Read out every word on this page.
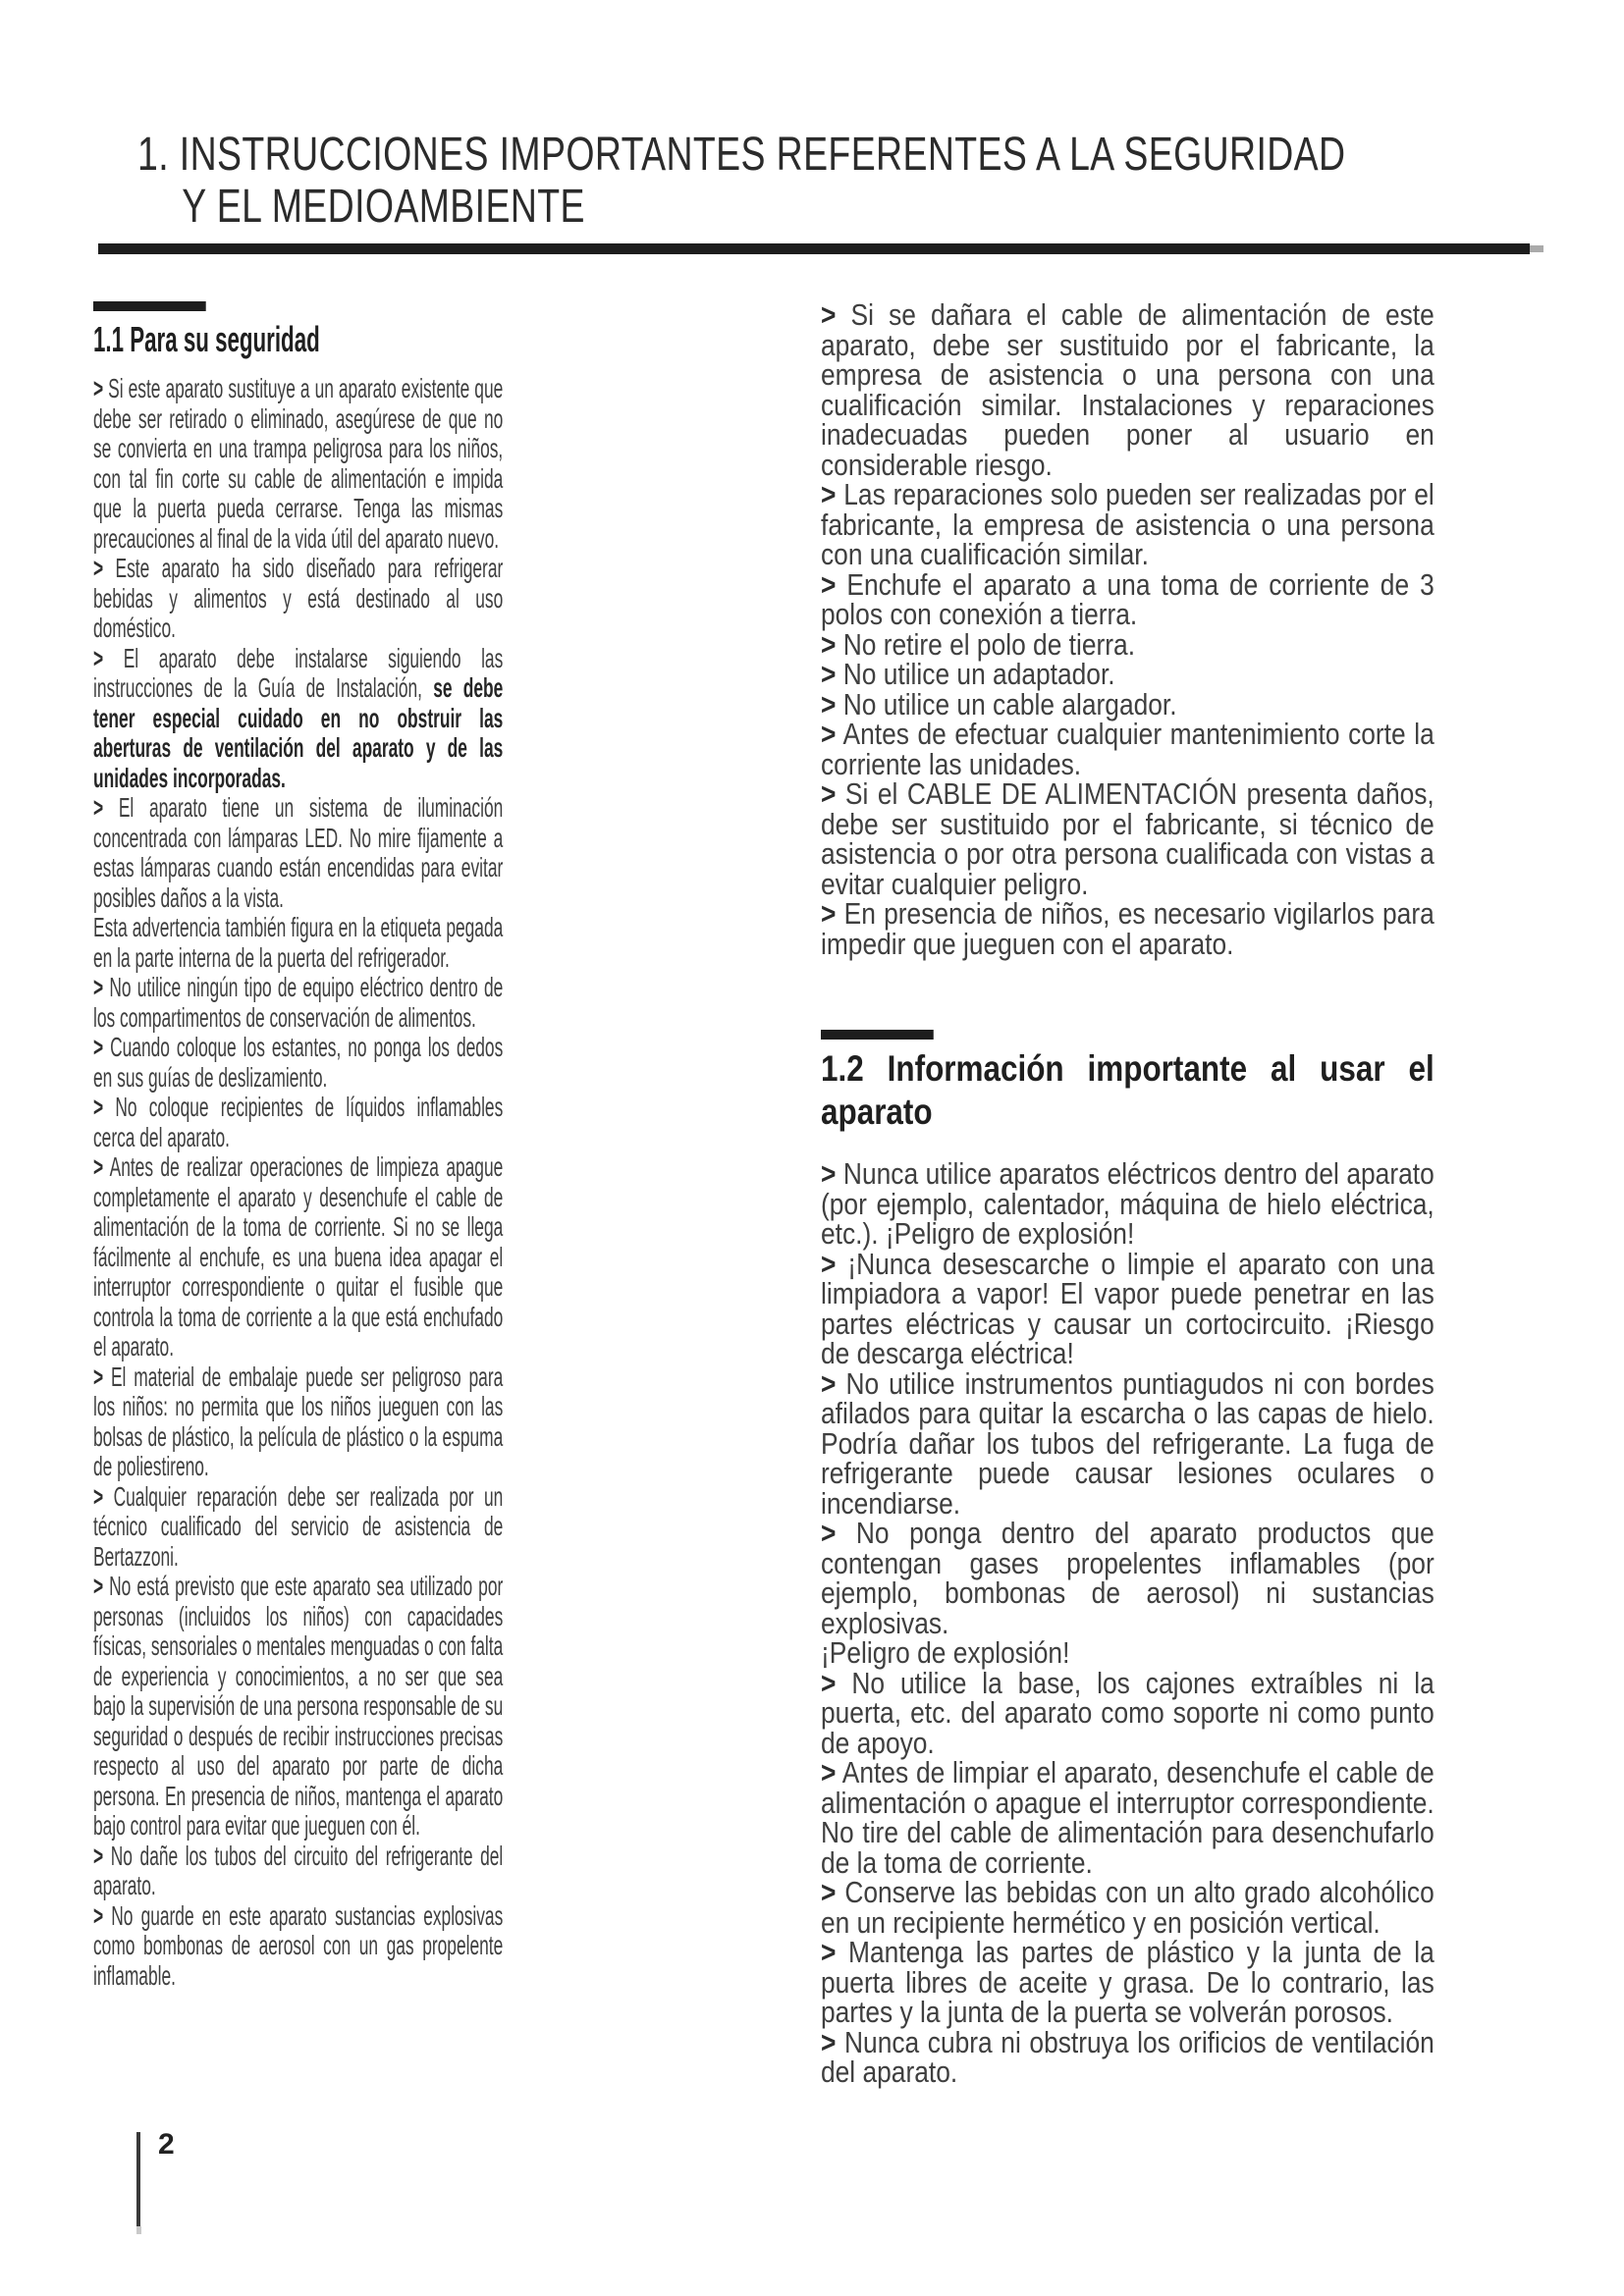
1. INSTRUCCIONES IMPORTANTES REFERENTES A LA SEGURIDAD
Y EL MEDIOAMBIENTE
1.1 Para su seguridad

> Si este aparato sustituye a un aparato existente que debe ser retirado o eliminado, asegúrese de que no se convierta en una trampa peligrosa para los niños, con tal fin corte su cable de alimentación e impida que la puerta pueda cerrarse. Tenga las mismas precauciones al final de la vida útil del aparato nuevo.

> Este aparato ha sido diseñado para refrigerar bebidas y alimentos y está destinado al uso doméstico.

> El aparato debe instalarse siguiendo las instrucciones de la Guía de Instalación, se debe tener especial cuidado en no obstruir las aberturas de ventilación del aparato y de las unidades incorporadas.

> El aparato tiene un sistema de iluminación concentrada con lámparas LED. No mire fijamente a estas lámparas cuando están encendidas para evitar posibles daños a la vista.

Esta advertencia también figura en la etiqueta pegada en la parte interna de la puerta del refrigerador.

> No utilice ningún tipo de equipo eléctrico dentro de los compartimentos de conservación de alimentos.

> Cuando coloque los estantes, no ponga los dedos en sus guías de deslizamiento.

> No coloque recipientes de líquidos inflamables cerca del aparato.

> Antes de realizar operaciones de limpieza apague completamente el aparato y desenchufe el cable de alimentación de la toma de corriente. Si no se llega fácilmente al enchufe, es una buena idea apagar el interruptor correspondiente o quitar el fusible que controla la toma de corriente a la que está enchufado el aparato.

> El material de embalaje puede ser peligroso para los niños: no permita que los niños jueguen con las bolsas de plástico, la película de plástico o la espuma de poliestireno.

> Cualquier reparación debe ser realizada por un técnico cualificado del servicio de asistencia de Bertazzoni.

> No está previsto que este aparato sea utilizado por personas (incluidos los niños) con capacidades físicas, sensoriales o mentales menguadas o con falta de experiencia y conocimientos, a no ser que sea bajo la supervisión de una persona responsable de su seguridad o después de recibir instrucciones precisas respecto al uso del aparato por parte de dicha persona. En presencia de niños, mantenga el aparato bajo control para evitar que jueguen con él.

> No dañe los tubos del circuito del refrigerante del aparato.

> No guarde en este aparato sustancias explosivas como bombonas de aerosol con un gas propelente inflamable.

> Si se dañara el cable de alimentación de este aparato, debe ser sustituido por el fabricante, la empresa de asistencia o una persona con una cualificación similar. Instalaciones y reparaciones inadecuadas pueden poner al usuario en considerable riesgo.

> Las reparaciones solo pueden ser realizadas por el fabricante, la empresa de asistencia o una persona con una cualificación similar.

> Enchufe el aparato a una toma de corriente de 3 polos con conexión a tierra.

> No retire el polo de tierra.

> No utilice un adaptador.

> No utilice un cable alargador.

> Antes de efectuar cualquier mantenimiento corte la corriente las unidades.

> Si el CABLE DE ALIMENTACIÓN presenta daños, debe ser sustituido por el fabricante, si técnico de asistencia o por otra persona cualificada con vistas a evitar cualquier peligro.

> En presencia de niños, es necesario vigilarlos para impedir que jueguen con el aparato.

1.2 Información importante al usar el
aparato

> Nunca utilice aparatos eléctricos dentro del aparato (por ejemplo, calentador, máquina de hielo eléctrica, etc.). ¡Peligro de explosión!

> ¡Nunca desescarche o limpie el aparato con una limpiadora a vapor! El vapor puede penetrar en las partes eléctricas y causar un cortocircuito. ¡Riesgo de descarga eléctrica!

> No utilice instrumentos puntiagudos ni con bordes afilados para quitar la escarcha o las capas de hielo. Podría dañar los tubos del refrigerante. La fuga de refrigerante puede causar lesiones oculares o incendiarse.

> No ponga dentro del aparato productos que contengan gases propelentes inflamables (por ejemplo, bombonas de aerosol) ni sustancias explosivas.

¡Peligro de explosión!

> No utilice la base, los cajones extraíbles ni la puerta, etc. del aparato como soporte ni como punto de apoyo.

> Antes de limpiar el aparato, desenchufe el cable de alimentación o apague el interruptor correspondiente. No tire del cable de alimentación para desenchufarlo de la toma de corriente.

> Conserve las bebidas con un alto grado alcohólico en un recipiente hermético y en posición vertical.

> Mantenga las partes de plástico y la junta de la puerta libres de aceite y grasa. De lo contrario, las partes y la junta de la puerta se volverán porosos.

> Nunca cubra ni obstruya los orificios de ventilación del aparato.

2
